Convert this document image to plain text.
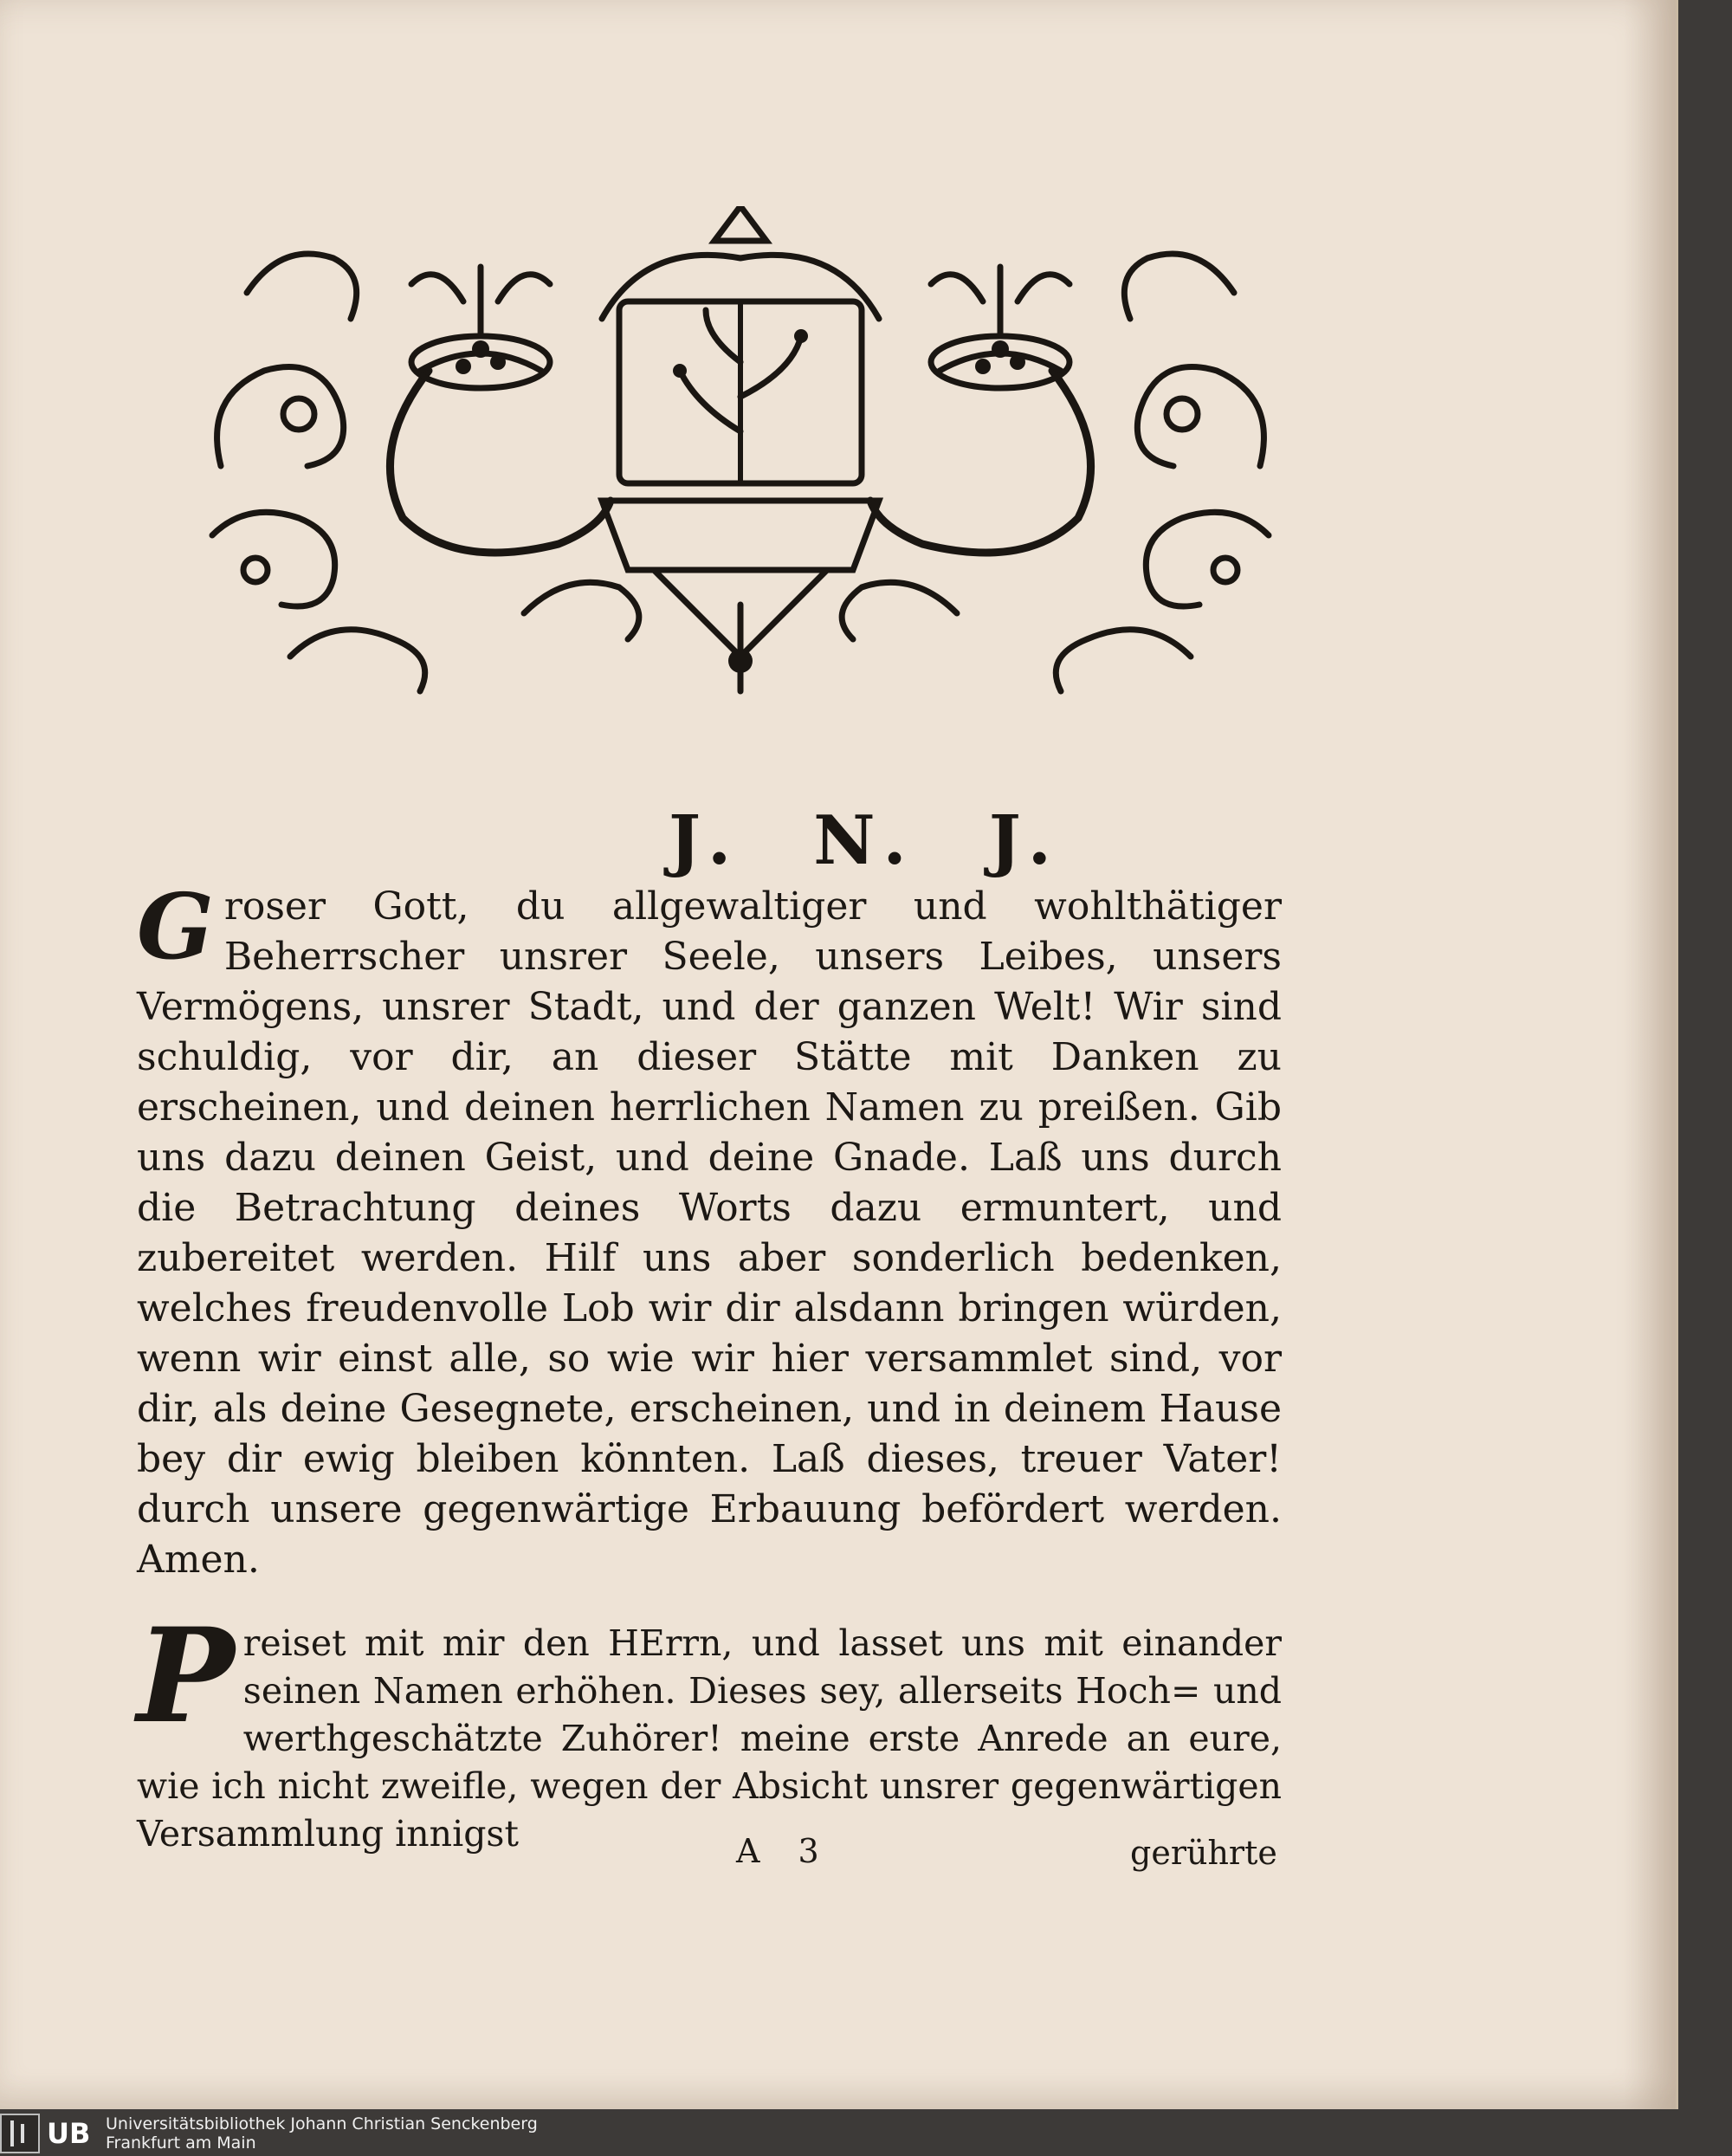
J. N. J.

Groser Gott, du allgewaltiger und wohlthätiger Beherrscher unsrer Seele, unsers Leibes, unsers Vermögens, unsrer Stadt, und der ganzen Welt! Wir sind schuldig, vor dir, an dieser Stätte mit Danken zu erscheinen, und deinen herrlichen Namen zu preißen. Gib uns dazu deinen Geist, und deine Gnade. Laß uns durch die Betrachtung deines Worts dazu ermuntert, und zubereitet werden. Hilf uns aber sonderlich bedenken, welches freudenvolle Lob wir dir alsdann bringen würden, wenn wir einst alle, so wie wir hier versammlet sind, vor dir, als deine Gesegnete, erscheinen, und in deinem Hause bey dir ewig bleiben könnten. Laß dieses, treuer Vater! durch unsere gegenwärtige Erbauung befördert werden. Amen.

Preiset mit mir den HErrn, und lasset uns mit einander seinen Namen erhöhen. Dieses sey, allerseits Hoch= und werthgeschätzte Zuhörer! meine erste Anrede an eure, wie ich nicht zweifle, wegen der Absicht unsrer gegenwärtigen Versammlung innigst	A 3	gerührte
UB Universitätsbibliothek Johann Christian Senckenberg
Frankfurt am Main
